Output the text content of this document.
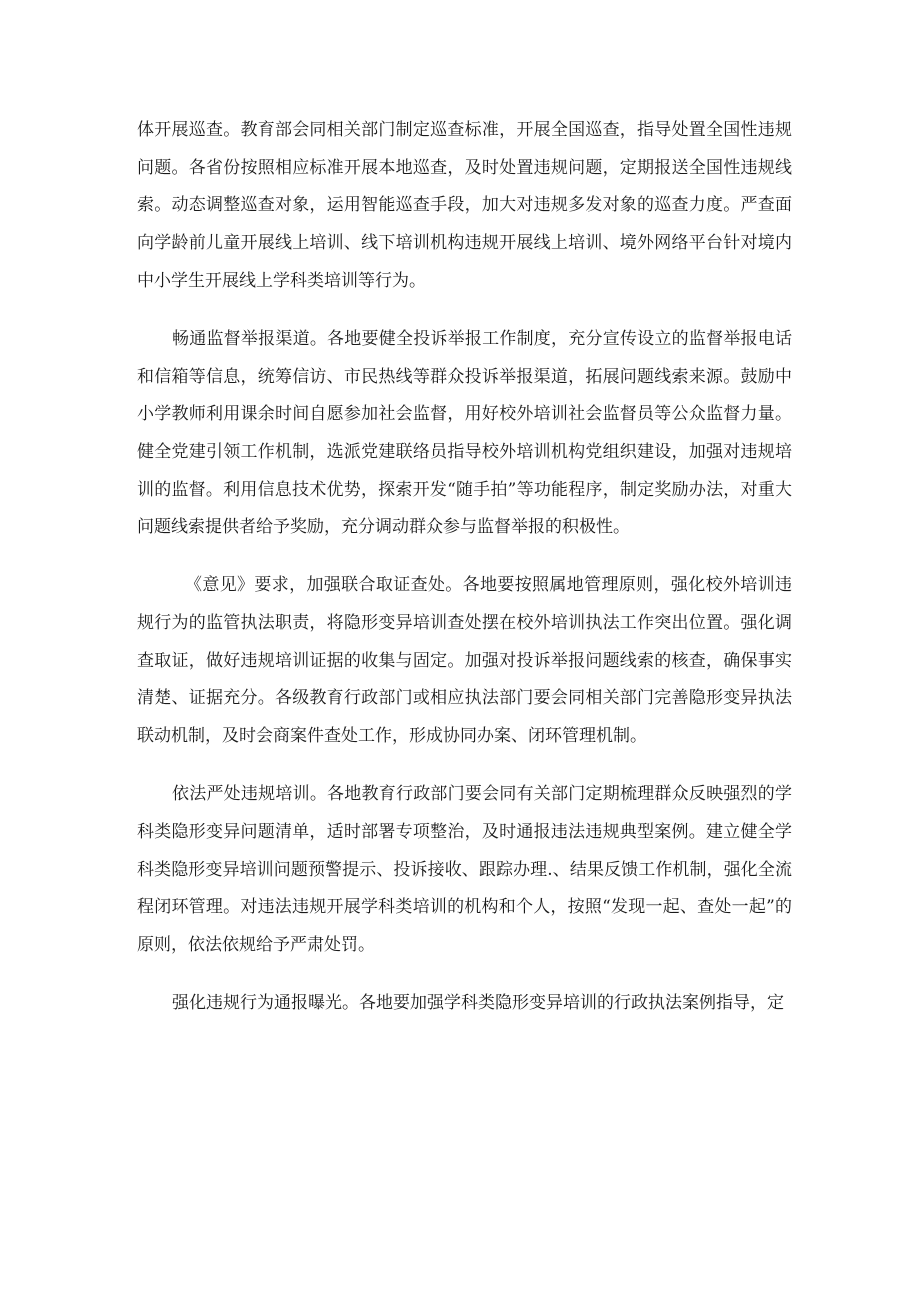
体开展巡查。教育部会同相关部门制定巡查标准，开展全国巡查，指导处置全国性违规问题。各省份按照相应标准开展本地巡查，及时处置违规问题，定期报送全国性违规线索。动态调整巡查对象，运用智能巡查手段，加大对违规多发对象的巡查力度。严查面向学龄前儿童开展线上培训、线下培训机构违规开展线上培训、境外网络平台针对境内中小学生开展线上学科类培训等行为。

畅通监督举报渠道。各地要健全投诉举报工作制度，充分宣传设立的监督举报电话和信箱等信息，统筹信访、市民热线等群众投诉举报渠道，拓展问题线索来源。鼓励中小学教师利用课余时间自愿参加社会监督，用好校外培训社会监督员等公众监督力量。健全党建引领工作机制，选派党建联络员指导校外培训机构党组织建设，加强对违规培训的监督。利用信息技术优势，探索开发“随手拍”等功能程序，制定奖励办法，对重大问题线索提供者给予奖励，充分调动群众参与监督举报的积极性。

《意见》要求，加强联合取证查处。各地要按照属地管理原则，强化校外培训违规行为的监管执法职责，将隐形变异培训查处摆在校外培训执法工作突出位置。强化调查取证，做好违规培训证据的收集与固定。加强对投诉举报问题线索的核查，确保事实清楚、证据充分。各级教育行政部门或相应执法部门要会同相关部门完善隐形变异执法联动机制，及时会商案件查处工作，形成协同办案、闭环管理机制。

依法严处违规培训。各地教育行政部门要会同有关部门定期梳理群众反映强烈的学科类隐形变异问题清单，适时部署专项整治，及时通报违法违规典型案例。建立健全学科类隐形变异培训问题预警提示、投诉接收、跟踪办理.、结果反馈工作机制，强化全流程闭环管理。对违法违规开展学科类培训的机构和个人，按照“发现一起、查处一起”的原则，依法依规给予严肃处罚。

强化违规行为通报曝光。各地要加强学科类隐形变异培训的行政执法案例指导，定
